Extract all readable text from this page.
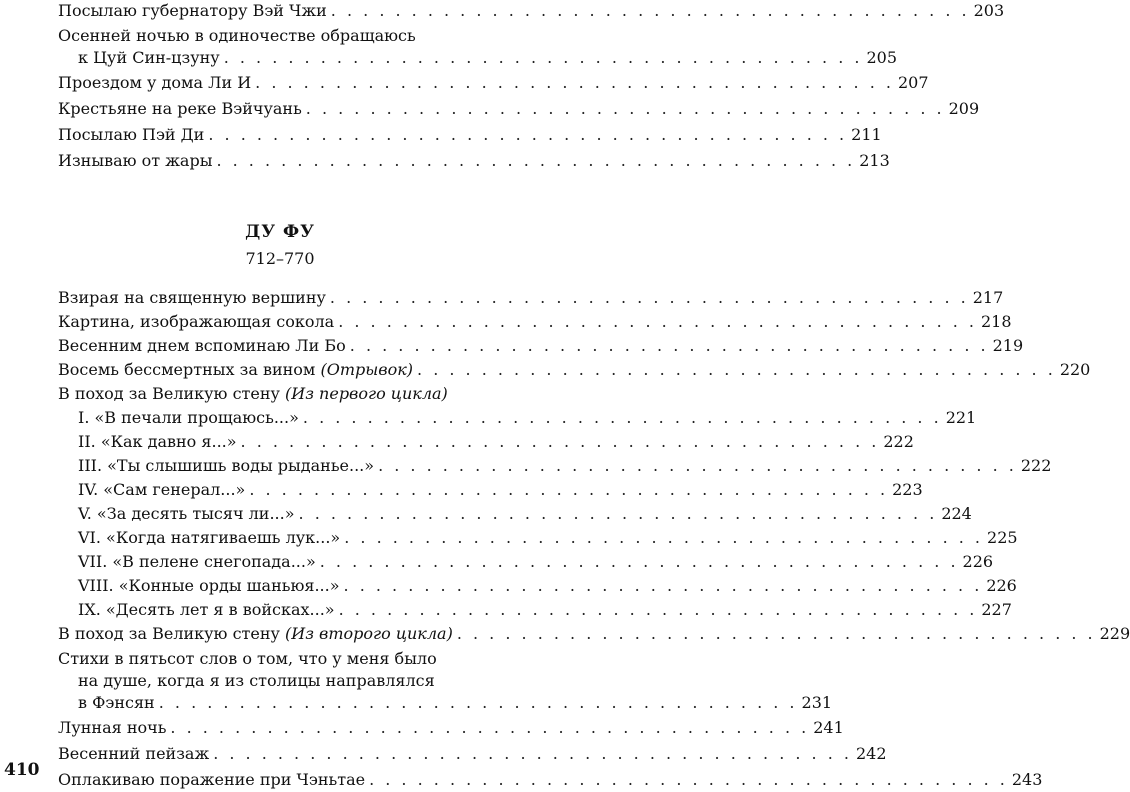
Посылаю губернатору Вэй Чжи . . . . . . . . . . . . . . . . . . . . . . . . . . . . . . . . . . . . . . . . 203
Осенней ночью в одиночестве обращаюсь
к Цуй Син-цзуну . . . . . . . . . . . . . . . . . . . . . . . . . . . . . . . . . . . . . . . . 205
Проездом у дома Ли И . . . . . . . . . . . . . . . . . . . . . . . . . . . . . . . . . . . . . . . . 207
Крестьяне на реке Вэйчуань . . . . . . . . . . . . . . . . . . . . . . . . . . . . . . . . . . . . . . . . 209
Посылаю Пэй Ди . . . . . . . . . . . . . . . . . . . . . . . . . . . . . . . . . . . . . . . . 211
Изнываю от жары . . . . . . . . . . . . . . . . . . . . . . . . . . . . . . . . . . . . . . . . 213
ДУ ФУ
712–770
Взирая на священную вершину . . . . . . . . . . . . . . . . . . . . . . . . . . . . . . . . . . . . . . . . 217
Картина, изображающая сокола . . . . . . . . . . . . . . . . . . . . . . . . . . . . . . . . . . . . . . . . 218
Весенним днем вспоминаю Ли Бо . . . . . . . . . . . . . . . . . . . . . . . . . . . . . . . . . . . . . . . . 219
Восемь бессмертных за вином (Отрывок) . . . . . . . . . . . . . . . . . . . . . . . . . . . . . . . . . . . . . . . . 220
В поход за Великую стену (Из первого цикла)
I. «В печали прощаюсь...» . . . . . . . . . . . . . . . . . . . . . . . . . . . . . . . . . . . . . . . . 221
II. «Как давно я...» . . . . . . . . . . . . . . . . . . . . . . . . . . . . . . . . . . . . . . . . 222
III. «Ты слышишь воды рыданье...» . . . . . . . . . . . . . . . . . . . . . . . . . . . . . . . . . . . . . . . . 222
IV. «Сам генерал...» . . . . . . . . . . . . . . . . . . . . . . . . . . . . . . . . . . . . . . . . 223
V. «За десять тысяч ли...» . . . . . . . . . . . . . . . . . . . . . . . . . . . . . . . . . . . . . . . . 224
VI. «Когда натягиваешь лук...» . . . . . . . . . . . . . . . . . . . . . . . . . . . . . . . . . . . . . . . . 225
VII. «В пелене снегопада...» . . . . . . . . . . . . . . . . . . . . . . . . . . . . . . . . . . . . . . . . 226
VIII. «Конные орды шаньюя...» . . . . . . . . . . . . . . . . . . . . . . . . . . . . . . . . . . . . . . . . 226
IX. «Десять лет я в войсках...» . . . . . . . . . . . . . . . . . . . . . . . . . . . . . . . . . . . . . . . . 227
В поход за Великую стену (Из второго цикла) . . . . . . . . . . . . . . . . . . . . . . . . . . . . . . . . . . . . . . . . 229
Стихи в пятьсот слов о том, что у меня было
на душе, когда я из столицы направлялся
в Фэнсян . . . . . . . . . . . . . . . . . . . . . . . . . . . . . . . . . . . . . . . . 231
Лунная ночь . . . . . . . . . . . . . . . . . . . . . . . . . . . . . . . . . . . . . . . . 241
Весенний пейзаж . . . . . . . . . . . . . . . . . . . . . . . . . . . . . . . . . . . . . . . . 242
Оплакиваю поражение при Чэньтае . . . . . . . . . . . . . . . . . . . . . . . . . . . . . . . . . . . . . . . . 243
410
